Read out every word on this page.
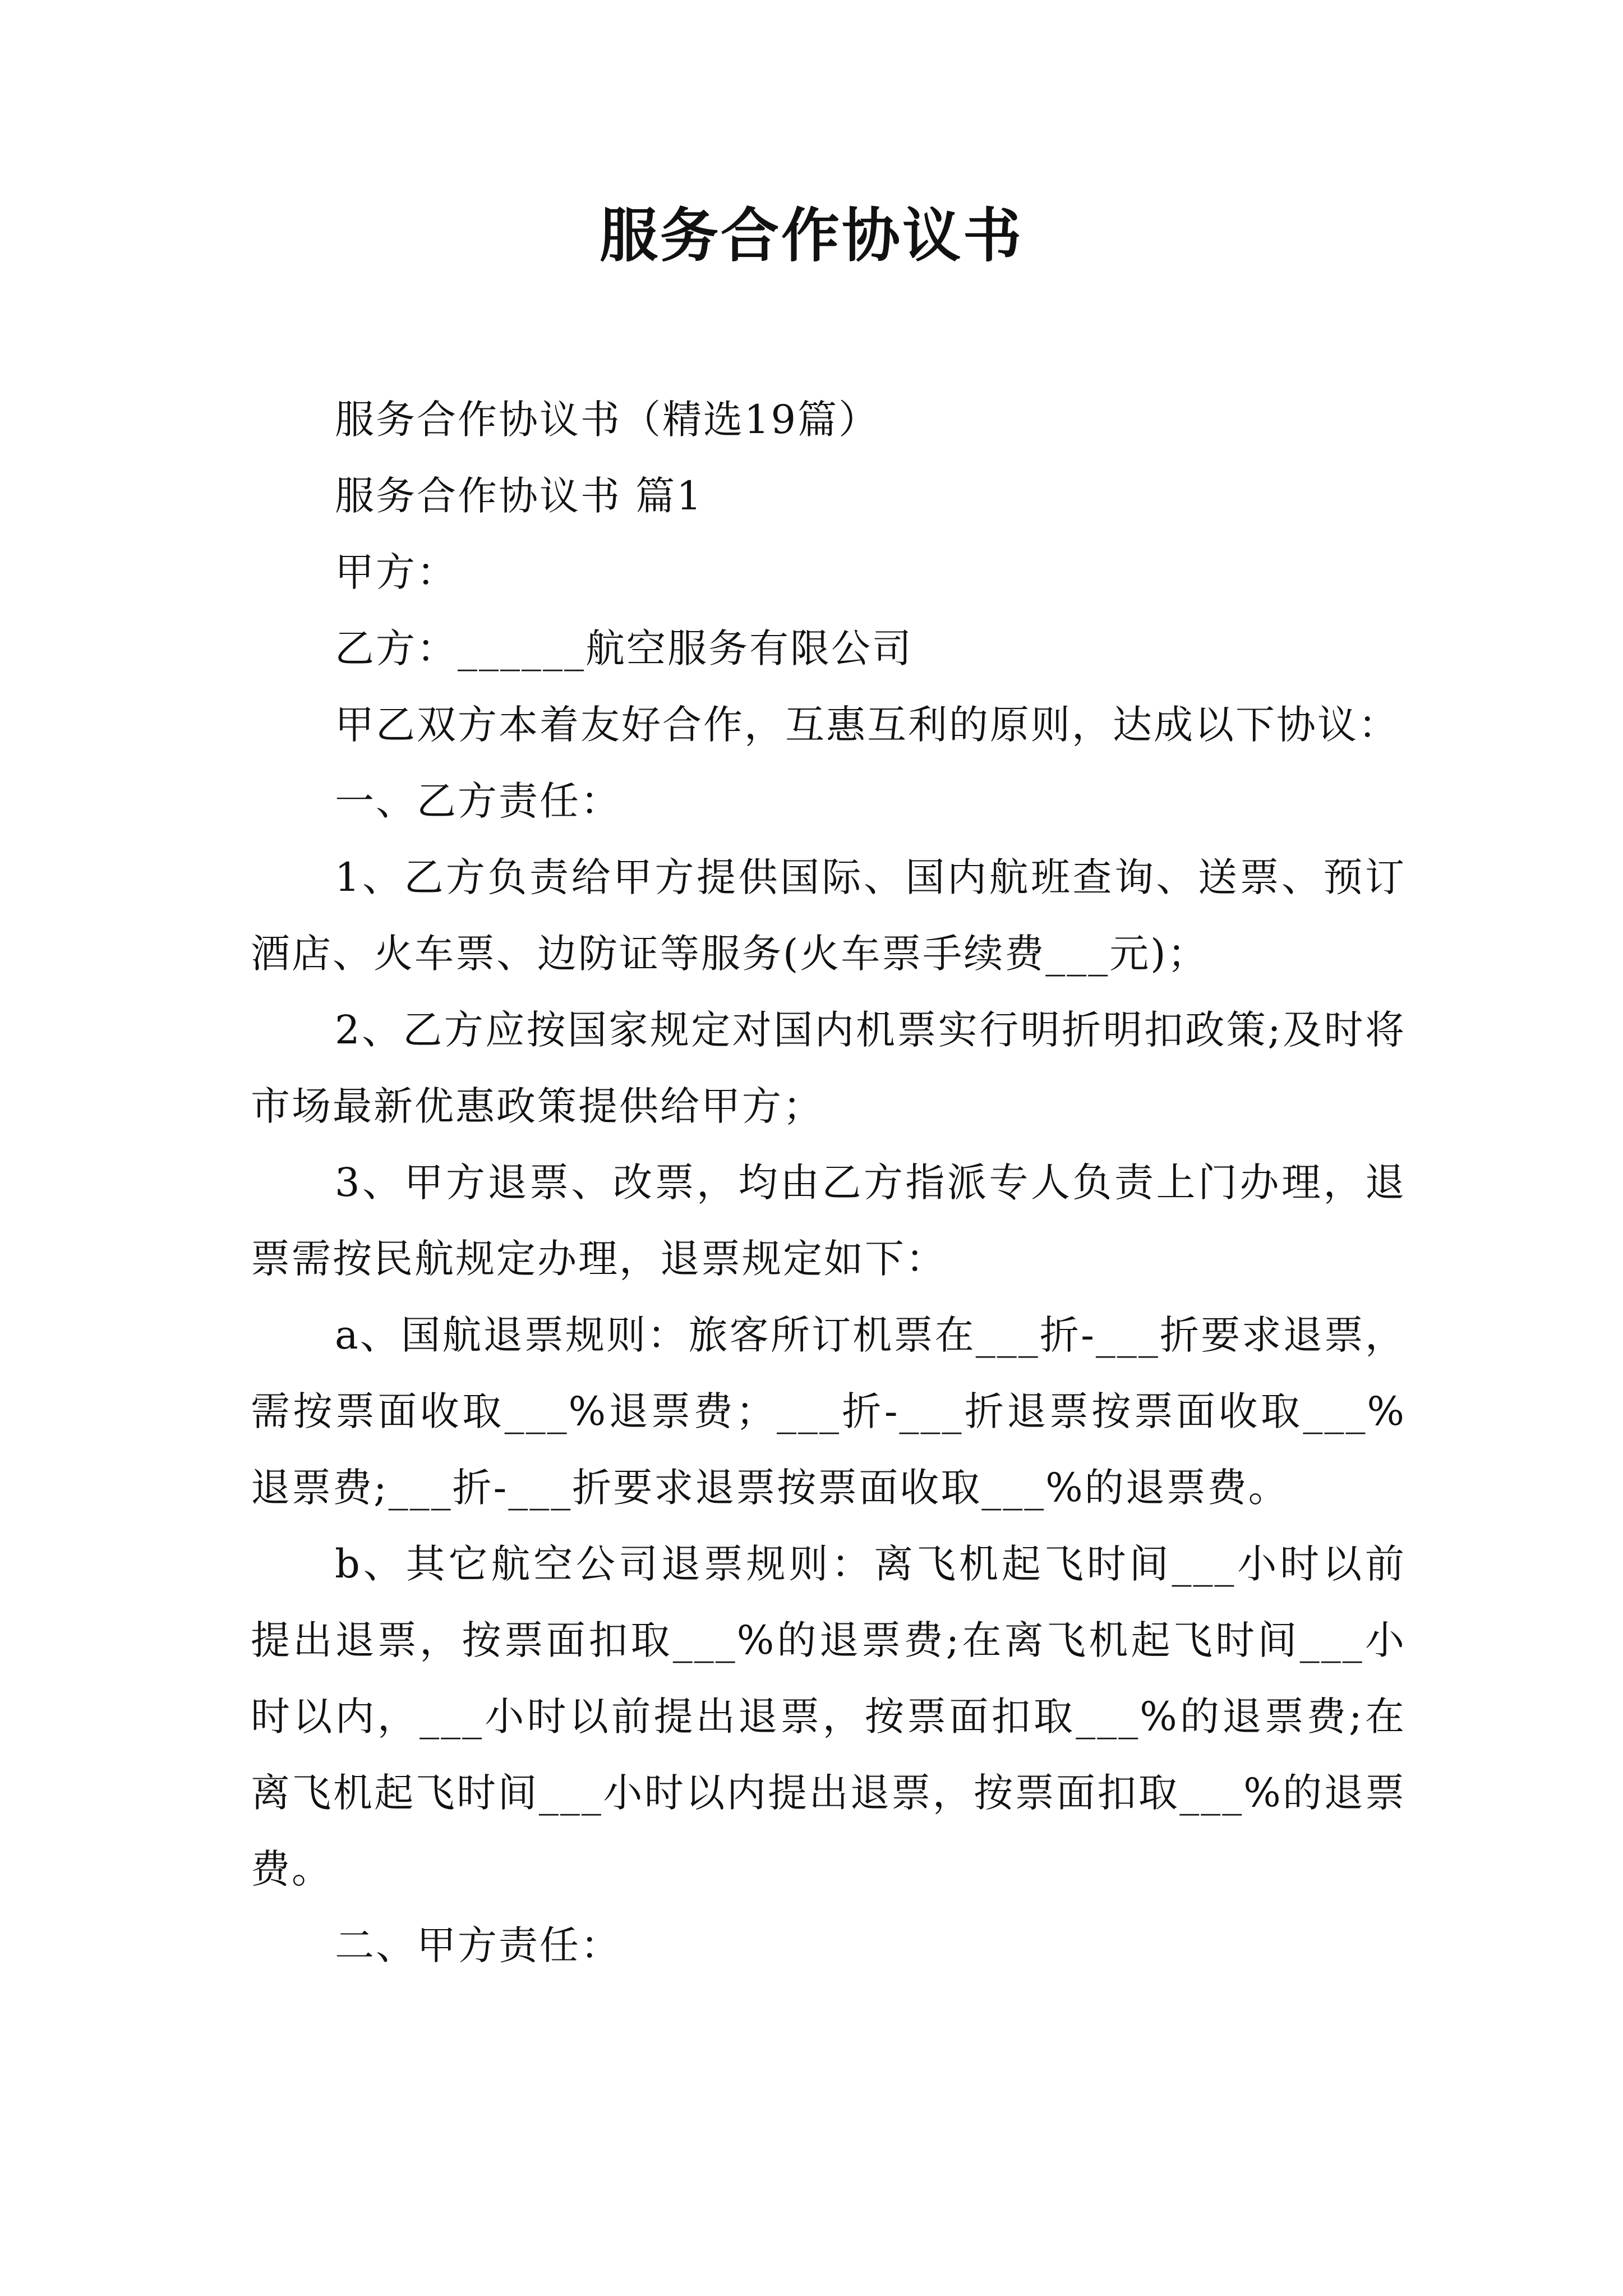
服务合作协议书

服务合作协议书（精选19篇）

服务合作协议书 篇1

甲方：

乙方：______航空服务有限公司

甲乙双方本着友好合作，互惠互利的原则，达成以下协议：

一、乙方责任：

1、乙方负责给甲方提供国际、国内航班查询、送票、预订酒店、火车票、边防证等服务(火车票手续费___元)；

2、乙方应按国家规定对国内机票实行明折明扣政策;及时将市场最新优惠政策提供给甲方；

3、甲方退票、改票，均由乙方指派专人负责上门办理，退票需按民航规定办理，退票规定如下：

a、国航退票规则：旅客所订机票在___折-___折要求退票，需按票面收取___%退票费；___折-___折退票按票面收取___%退票费;___折-___折要求退票按票面收取___%的退票费。

b、其它航空公司退票规则：离飞机起飞时间___小时以前提出退票，按票面扣取___%的退票费;在离飞机起飞时间___小时以内，___小时以前提出退票，按票面扣取___%的退票费;在离飞机起飞时间___小时以内提出退票，按票面扣取___%的退票费。

二、甲方责任：
